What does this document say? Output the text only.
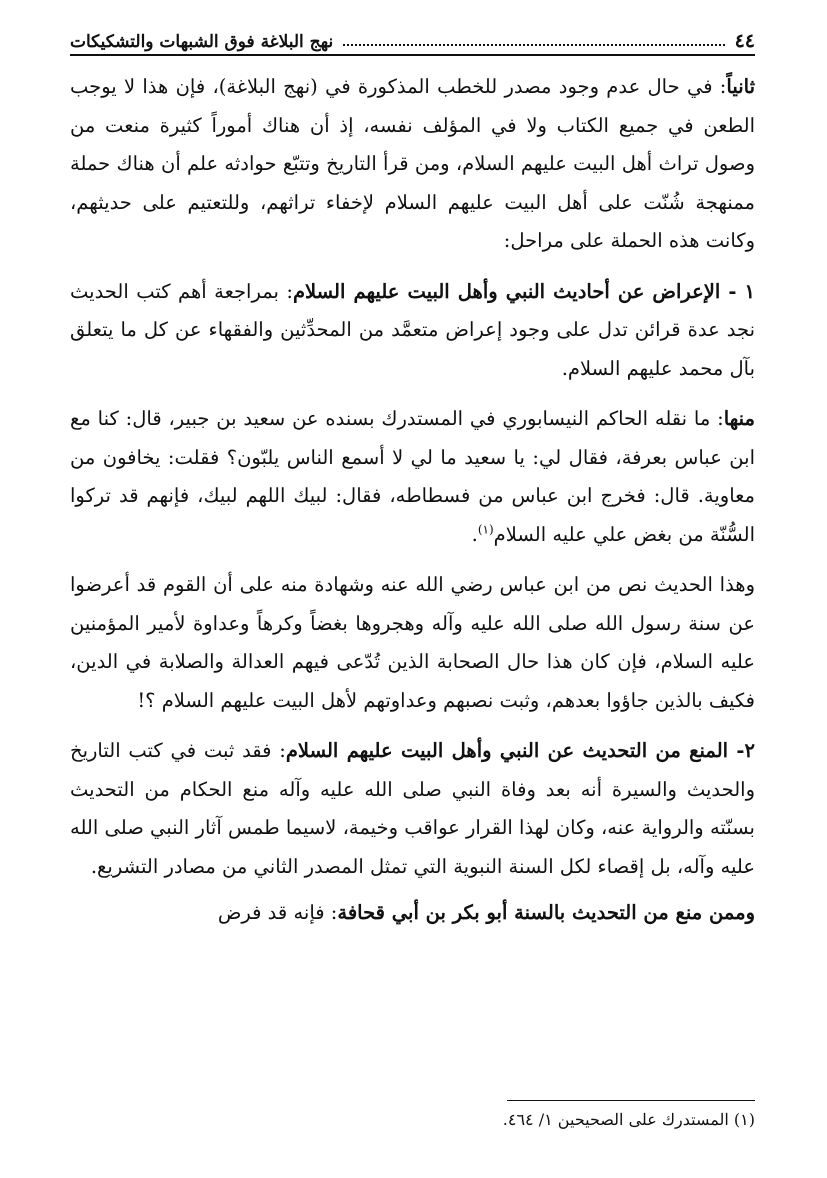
٤٤
نهج البلاغة فوق الشبهات والتشكيكات

ثانياً: في حال عدم وجود مصدر للخطب المذكورة في (نهج البلاغة)، فإن هذا لا يوجب الطعن في جميع الكتاب ولا في المؤلف نفسه، إذ أن هناك أموراً كثيرة منعت من وصول تراث أهل البيت عليهم السلام، ومن قرأ التاريخ وتتبّع حوادثه علم أن هناك حملة ممنهجة شُنّت على أهل البيت عليهم السلام لإخفاء تراثهم، وللتعتيم على حديثهم، وكانت هذه الحملة على مراحل:

١ - الإعراض عن أحاديث النبي وأهل البيت عليهم السلام: بمراجعة أهم كتب الحديث نجد عدة قرائن تدل على وجود إعراض متعمَّد من المحدِّثين والفقهاء عن كل ما يتعلق بآل محمد عليهم السلام.

منها: ما نقله الحاكم النيسابوري في المستدرك بسنده عن سعيد بن جبير، قال: كنا مع ابن عباس بعرفة، فقال لي: يا سعيد ما لي لا أسمع الناس يلبّون؟ فقلت: يخافون من معاوية. قال: فخرج ابن عباس من فسطاطه، فقال: لبيك اللهم لبيك، فإنهم قد تركوا السُّنّة من بغض علي عليه السلام$^{(١)}$.

وهذا الحديث نص من ابن عباس رضي الله عنه وشهادة منه على أن القوم قد أعرضوا عن سنة رسول الله صلى الله عليه وآله وهجروها بغضاً وكرهاً وعداوة لأمير المؤمنين عليه السلام، فإن كان هذا حال الصحابة الذين تُدّعى فيهم العدالة والصلابة في الدين، فكيف بالذين جاؤوا بعدهم، وثبت نصبهم وعداوتهم لأهل البيت عليهم السلام ؟!

٢- المنع من التحديث عن النبي وأهل البيت عليهم السلام: فقد ثبت في كتب التاريخ والحديث والسيرة أنه بعد وفاة النبي صلى الله عليه وآله منع الحكام من التحديث بسنّته والرواية عنه، وكان لهذا القرار عواقب وخيمة، لاسيما طمس آثار النبي صلى الله عليه وآله، بل إقصاء لكل السنة النبوية التي تمثل المصدر الثاني من مصادر التشريع.

وممن منع من التحديث بالسنة أبو بكر بن أبي قحافة: فإنه قد فرض

(١) المستدرك على الصحيحين ١/ ٤٦٤.
